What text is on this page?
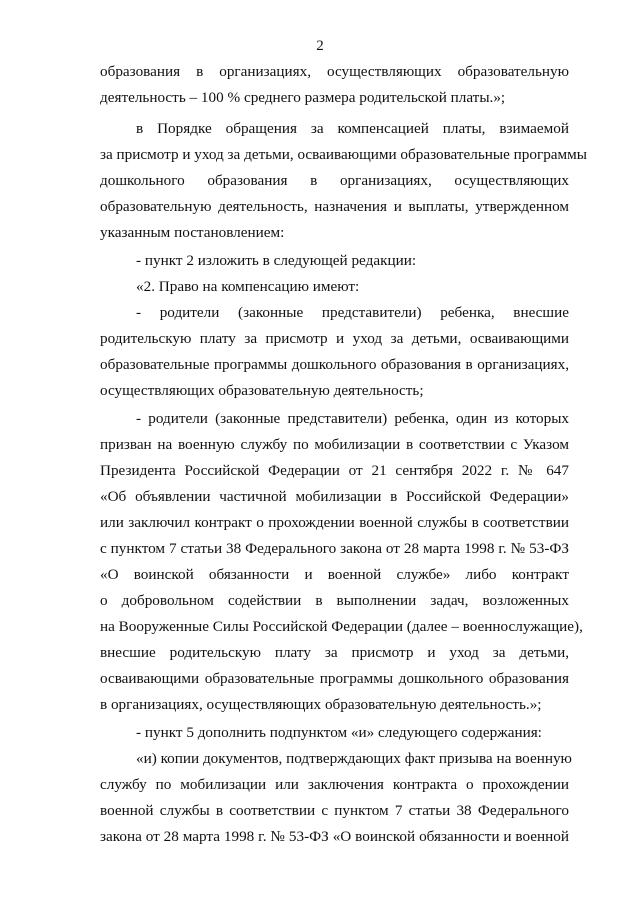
2
образования в организациях, осуществляющих образовательную
деятельность – 100 % среднего размера родительской платы.»;
в Порядке обращения за компенсацией платы, взимаемой
за присмотр и уход за детьми, осваивающими образовательные программы
дошкольного образования в организациях, осуществляющих
образовательную деятельность, назначения и выплаты, утвержденном
указанным постановлением:
- пункт 2 изложить в следующей редакции:
«2. Право на компенсацию имеют:
- родители (законные представители) ребенка, внесшие
родительскую плату за присмотр и уход за детьми, осваивающими
образовательные программы дошкольного образования в организациях,
осуществляющих образовательную деятельность;
- родители (законные представители) ребенка, один из которых
призван на военную службу по мобилизации в соответствии с Указом
Президента Российской Федерации от 21 сентября 2022 г. № 647
«Об объявлении частичной мобилизации в Российской Федерации»
или заключил контракт о прохождении военной службы в соответствии
с пунктом 7 статьи 38 Федерального закона от 28 марта 1998 г. № 53-ФЗ
«О воинской обязанности и военной службе» либо контракт
о добровольном содействии в выполнении задач, возложенных
на Вооруженные Силы Российской Федерации (далее – военнослужащие),
внесшие родительскую плату за присмотр и уход за детьми,
осваивающими образовательные программы дошкольного образования
в организациях, осуществляющих образовательную деятельность.»;
- пункт 5 дополнить подпунктом «и» следующего содержания:
«и) копии документов, подтверждающих факт призыва на военную
службу по мобилизации или заключения контракта о прохождении
военной службы в соответствии с пунктом 7 статьи 38 Федерального
закона от 28 марта 1998 г. № 53-ФЗ «О воинской обязанности и военной
